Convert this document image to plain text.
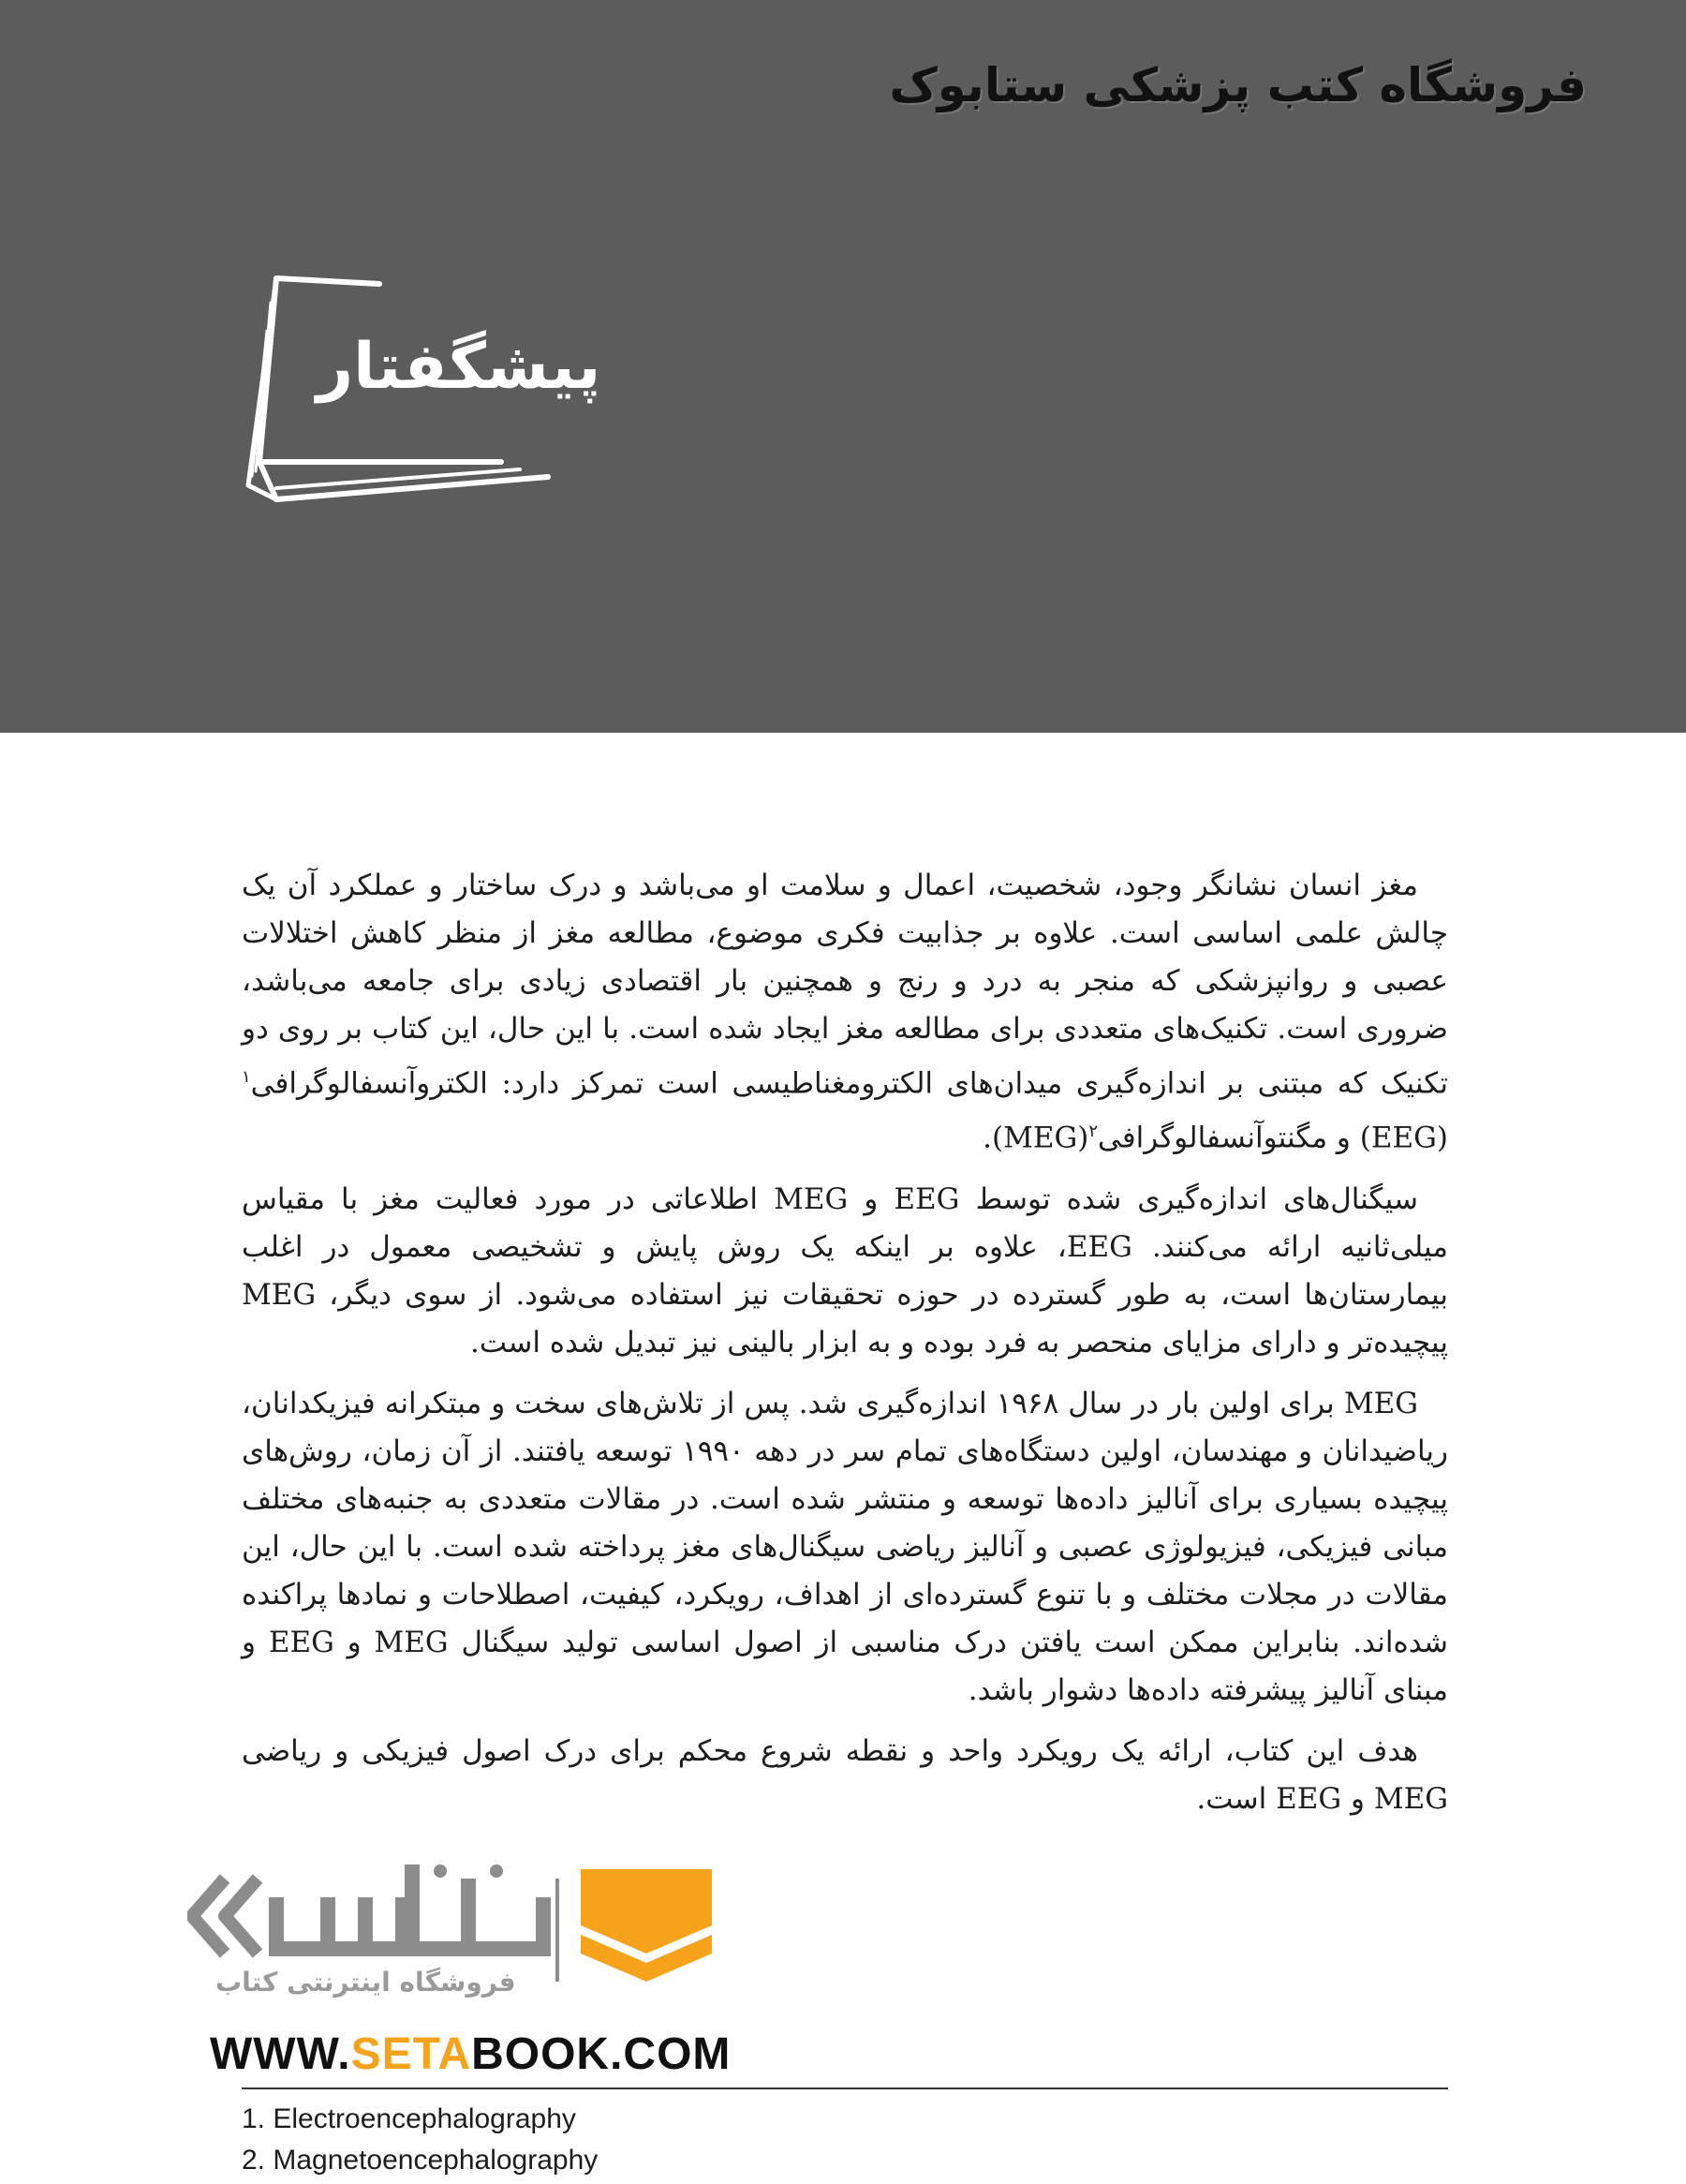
فروشگاه کتب پزشکی ستابوک
پیشگفتار

مغز انسان نشانگر وجود، شخصیت، اعمال و سلامت او می‌باشد و درک ساختار و عملکرد آن یک چالش علمی اساسی است. علاوه بر جذابیت فکری موضوع، مطالعه مغز از منظر کاهش اختلالات عصبی و روانپزشکی که منجر به درد و رنج و همچنین بار اقتصادی زیادی برای جامعه می‌باشد، ضروری است. تکنیک‌های متعددی برای مطالعه مغز ایجاد شده است. با این حال، این کتاب بر روی دو تکنیک که مبتنی بر اندازه‌گیری میدان‌های الکترومغناطیسی است تمرکز دارد: الکتروآنسفالوگرافی$^۱$ (EEG) و مگنتوآنسفالوگرافی$^۲$(MEG).

سیگنال‌های اندازه‌گیری شده توسط EEG و MEG اطلاعاتی در مورد فعالیت مغز با مقیاس میلی‌ثانیه ارائه می‌کنند. EEG، علاوه بر اینکه یک روش پایش و تشخیصی معمول در اغلب بیمارستان‌ها است، به طور گسترده در حوزه تحقیقات نیز استفاده می‌شود. از سوی دیگر، MEG پیچیده‌تر و دارای مزایای منحصر به فرد بوده و به ابزار بالینی نیز تبدیل شده است.

MEG برای اولین بار در سال ۱۹۶۸ اندازه‌گیری شد. پس از تلاش‌های سخت و مبتکرانه فیزیکدانان، ریاضیدانان و مهندسان، اولین دستگاه‌های تمام سر در دهه ۱۹۹۰ توسعه یافتند. از آن زمان، روش‌های پیچیده بسیاری برای آنالیز داده‌ها توسعه و منتشر شده است. در مقالات متعددی به جنبه‌های مختلف مبانی فیزیکی، فیزیولوژی عصبی و آنالیز ریاضی سیگنال‌های مغز پرداخته شده است. با این حال، این مقالات در مجلات مختلف و با تنوع گسترده‌ای از اهداف، رویکرد، کیفیت، اصطلاحات و نمادها پراکنده شده‌اند. بنابراین ممکن است یافتن درک مناسبی از اصول اساسی تولید سیگنال MEG و EEG و مبنای آنالیز پیشرفته داده‌ها دشوار باشد.

هدف این کتاب، ارائه یک رویکرد واحد و نقطه شروع محکم برای درک اصول فیزیکی و ریاضی MEG و EEG است.

فروشگاه اینترنتی کتاب
WWW.SETABOOK.COM
1. Electroencephalography
2. Magnetoencephalography
